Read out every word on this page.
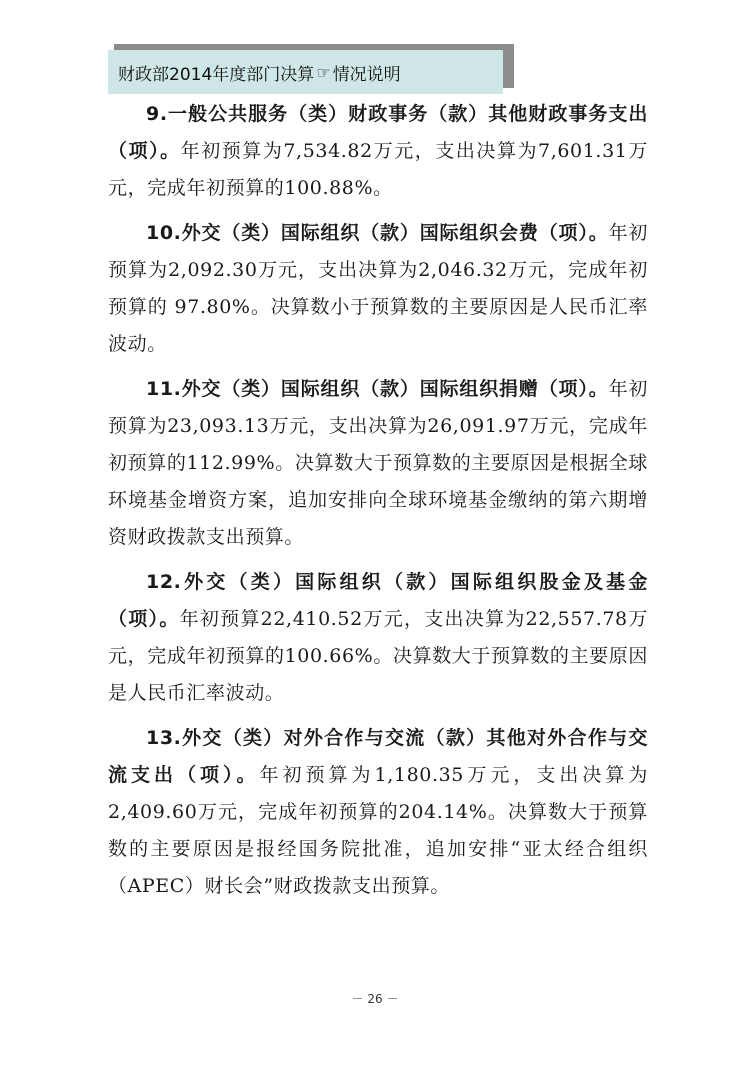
财政部2014年度部门决算 ☞ 情况说明

9.一般公共服务（类）财政事务（款）其他财政事务支出（项）。年初预算为7,534.82万元，支出决算为7,601.31万元，完成年初预算的100.88%。

10.外交（类）国际组织（款）国际组织会费（项）。年初预算为2,092.30万元，支出决算为2,046.32万元，完成年初预算的 97.80%。决算数小于预算数的主要原因是人民币汇率波动。

11.外交（类）国际组织（款）国际组织捐赠（项）。年初预算为23,093.13万元，支出决算为26,091.97万元，完成年初预算的112.99%。决算数大于预算数的主要原因是根据全球环境基金增资方案，追加安排向全球环境基金缴纳的第六期增资财政拨款支出预算。

12.外交（类）国际组织（款）国际组织股金及基金（项）。年初预算22,410.52万元，支出决算为22,557.78万元，完成年初预算的100.66%。决算数大于预算数的主要原因是人民币汇率波动。

13.外交（类）对外合作与交流（款）其他对外合作与交流支出（项）。年初预算为1,180.35万元，支出决算为2,409.60万元，完成年初预算的204.14%。决算数大于预算数的主要原因是报经国务院批准，追加安排“亚太经合组织（APEC）财长会”财政拨款支出预算。

－ 26 －
